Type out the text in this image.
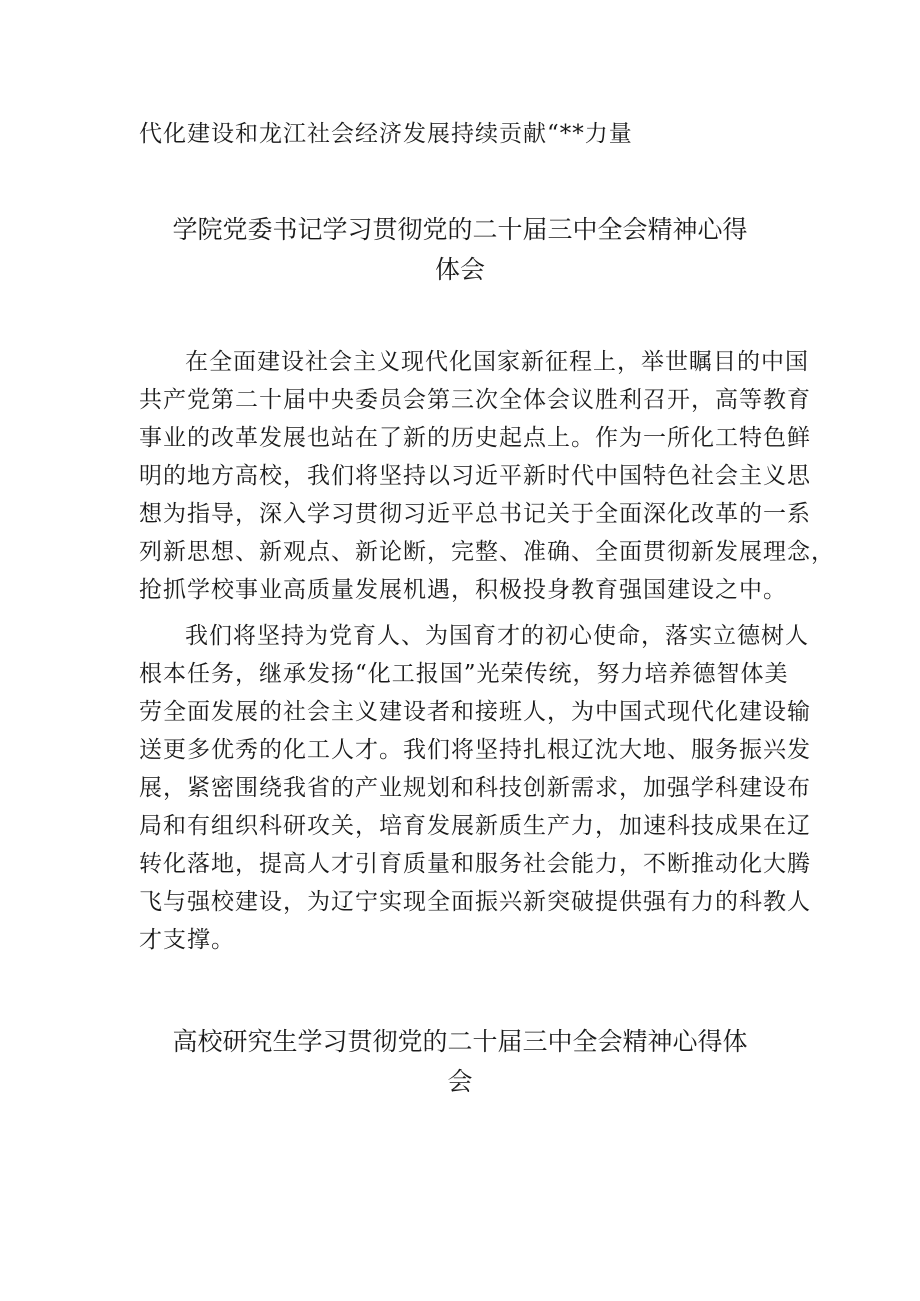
代化建设和龙江社会经济发展持续贡献“**力量
学院党委书记学习贯彻党的二十届三中全会精神心得
体会
在全面建设社会主义现代化国家新征程上，举世瞩目的中国
共产党第二十届中央委员会第三次全体会议胜利召开，高等教育
事业的改革发展也站在了新的历史起点上。作为一所化工特色鲜
明的地方高校，我们将坚持以习近平新时代中国特色社会主义思
想为指导，深入学习贯彻习近平总书记关于全面深化改革的一系
列新思想、新观点、新论断，完整、准确、全面贯彻新发展理念，
抢抓学校事业高质量发展机遇，积极投身教育强国建设之中。
我们将坚持为党育人、为国育才的初心使命，落实立德树人
根本任务，继承发扬“化工报国”光荣传统，努力培养德智体美
劳全面发展的社会主义建设者和接班人，为中国式现代化建设输
送更多优秀的化工人才。我们将坚持扎根辽沈大地、服务振兴发
展，紧密围绕我省的产业规划和科技创新需求，加强学科建设布
局和有组织科研攻关，培育发展新质生产力，加速科技成果在辽
转化落地，提高人才引育质量和服务社会能力，不断推动化大腾
飞与强校建设，为辽宁实现全面振兴新突破提供强有力的科教人
才支撑。
高校研究生学习贯彻党的二十届三中全会精神心得体
会
